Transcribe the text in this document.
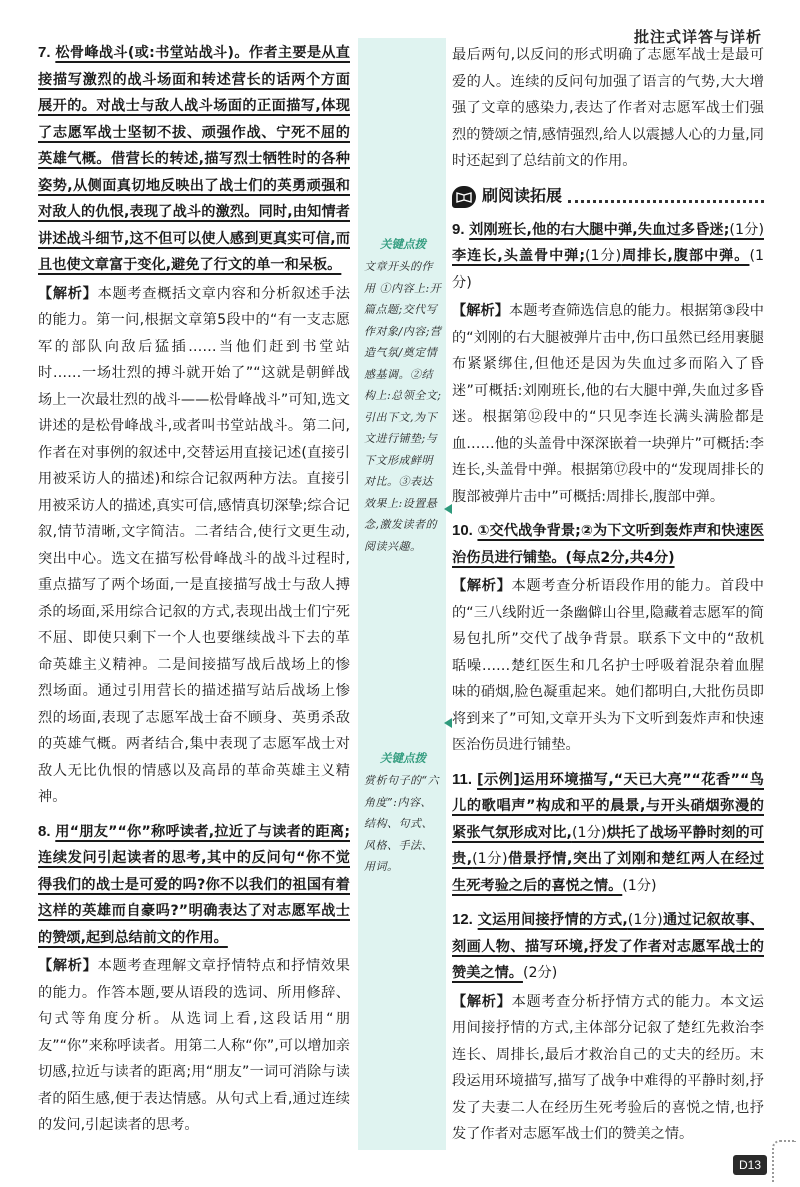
批注式详答与详析
7. 松骨峰战斗(或:书堂站战斗)。作者主要是从直接描写激烈的战斗场面和转述营长的话两个方面展开的。对战士与敌人战斗场面的正面描写,体现了志愿军战士坚韧不拔、顽强作战、宁死不屈的英雄气概。借营长的转述,描写烈士牺牲时的各种姿势,从侧面真切地反映出了战士们的英勇顽强和对敌人的仇恨,表现了战斗的激烈。同时,由知情者讲述战斗细节,这不但可以使人感到更真实可信,而且也使文章富于变化,避免了行文的单一和呆板。
【解析】本题考查概括文章内容和分析叙述手法的能力。第一问,根据文章第5段中的“有一支志愿军的部队向敌后猛插……当他们赶到书堂站时……一场壮烈的搏斗就开始了”“这就是朝鲜战场上一次最壮烈的战斗——松骨峰战斗”可知,选文讲述的是松骨峰战斗,或者叫书堂站战斗。第二问,作者在对事例的叙述中,交替运用直接记述(直接引用被采访人的描述)和综合记叙两种方法。直接引用被采访人的描述,真实可信,感情真切深挚;综合记叙,情节清晰,文字简洁。二者结合,使行文更生动,突出中心。选文在描写松骨峰战斗的战斗过程时,重点描写了两个场面,一是直接描写战士与敌人搏杀的场面,采用综合记叙的方式,表现出战士们宁死不屈、即使只剩下一个人也要继续战斗下去的革命英雄主义精神。二是间接描写战后战场上的惨烈场面。通过引用营长的描述描写站后战场上惨烈的场面,表现了志愿军战士奋不顾身、英勇杀敌的英雄气概。两者结合,集中表现了志愿军战士对敌人无比仇恨的情感以及高昂的革命英雄主义精神。
8. 用“朋友”“你”称呼读者,拉近了与读者的距离;连续发问引起读者的思考,其中的反问句“你不觉得我们的战士是可爱的吗?你不以我们的祖国有着这样的英雄而自豪吗?”明确表达了对志愿军战士的赞颂,起到总结前文的作用。
【解析】本题考查理解文章抒情特点和抒情效果的能力。作答本题,要从语段的选词、所用修辞、句式等角度分析。从选词上看,这段话用“朋友”“你”来称呼读者。用第二人称“你”,可以增加亲切感,拉近与读者的距离;用“朋友”一词可消除与读者的陌生感,便于表达情感。从句式上看,通过连续的发问,引起读者的思考。
关键点拨
文章开头的作用 ①内容上:开篇点题;交代写作对象/内容;营造气氛/奠定情感基调。②结构上:总领全文;引出下文,为下文进行铺垫;与下文形成鲜明对比。③表达效果上:设置悬念,激发读者的阅读兴趣。
关键点拨
赏析句子的“六角度”:内容、结构、句式、风格、手法、用词。
最后两句,以反问的形式明确了志愿军战士是最可爱的人。连续的反问句加强了语言的气势,大大增强了文章的感染力,表达了作者对志愿军战士们强烈的赞颂之情,感情强烈,给人以震撼人心的力量,同时还起到了总结前文的作用。
刷阅读拓展
9. 刘刚班长,他的右大腿中弹,失血过多昏迷;(1分)李连长,头盖骨中弹;(1分)周排长,腹部中弹。(1分)
【解析】本题考查筛选信息的能力。根据第③段中的“刘刚的右大腿被弹片击中,伤口虽然已经用裹腿布紧紧绑住,但他还是因为失血过多而陷入了昏迷”可概括:刘刚班长,他的右大腿中弹,失血过多昏迷。根据第⑫段中的“只见李连长满头满脸都是血……他的头盖骨中深深嵌着一块弹片”可概括:李连长,头盖骨中弹。根据第⑰段中的“发现周排长的腹部被弹片击中”可概括:周排长,腹部中弹。
10. ①交代战争背景;②为下文听到轰炸声和快速医治伤员进行铺垫。(每点2分,共4分)
【解析】本题考查分析语段作用的能力。首段中的“三八线附近一条幽僻山谷里,隐藏着志愿军的简易包扎所”交代了战争背景。联系下文中的“敌机聒噪……楚红医生和几名护士呼吸着混杂着血腥味的硝烟,脸色凝重起来。她们都明白,大批伤员即将到来了”可知,文章开头为下文听到轰炸声和快速医治伤员进行铺垫。
11. [示例]运用环境描写,“天已大亮”“花香”“鸟儿的歌唱声”构成和平的晨景,与开头硝烟弥漫的紧张气氛形成对比,(1分)烘托了战场平静时刻的可贵,(1分)借景抒情,突出了刘刚和楚红两人在经过生死考验之后的喜悦之情。(1分)
12. 文运用间接抒情的方式,(1分)通过记叙故事、刻画人物、描写环境,抒发了作者对志愿军战士的赞美之情。(2分)
【解析】本题考查分析抒情方式的能力。本文运用间接抒情的方式,主体部分记叙了楚红先救治李连长、周排长,最后才救治自己的丈夫的经历。末段运用环境描写,描写了战争中难得的平静时刻,抒发了夫妻二人在经历生死考验后的喜悦之情,也抒发了作者对志愿军战士们的赞美之情。
D13
